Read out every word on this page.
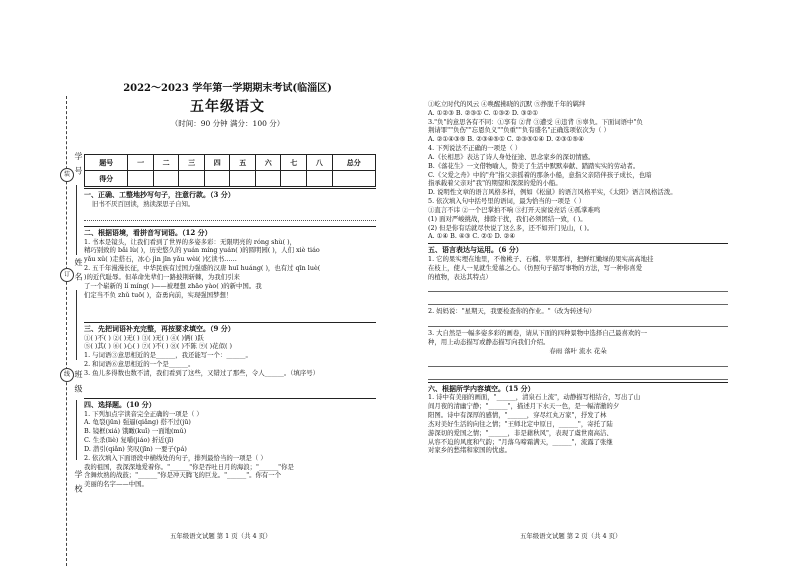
学 号
姓 名
班 级
学 校
装
订
线
2022～2023 学年第一学期期末考试(临淄区)
五年级语文
（时间：90 分钟 满分：100 分）
题号	一	二	三	四	五	六	七	八	总分
得分									
一、正确、工整地抄写句子，注意行款。（3 分）

旧书不厌百回读，熟读深思子自知。

二、根据语境，看拼音写词语。（12 分）

1. 书本是镜头，让我们看到了世界的多姿多彩：无限明亮的 róng shù( )，

精巧别致的 bǎi lù( )，历史悠久的 yuán míng yuán( )的圆明园( )，人们 xiè tiáo

yǎu xǔ( )走搭石，冰心 jìn jīn yǎu wèi( )忆读书……

2. 五千年漫漫长征，中华民族有过国力强盛的汉唐 huī huáng( )，也有过 qīn luè(

)的近代耻辱。但革命先辈们一路披荆斩棘，为我们引来

了一个崭新的 lí míng( )——被理想 zhāo yào( )的新中国。我

们定当不负 zhǔ tuō( )，奋勇向前，实现强国梦想！

三、先把词语补充完整，再按要求填空。（9 分）

①( )不( ) ②( )无( ) ③( )无( ) ④( )俩( )跃

⑤( )其( ) ⑥( )心( ) ⑦( )不( ) ⑧( )不陈 ⑨( )花似( )

1. 与词语③意思相近的是______，我还能写一个：______。

2. 和词语⑥意思相近的一个是______。

3. 鱼儿多得数也数不清，我们看到了这些，又错过了那些，令人______。（填序号）

四、选择题。（10 分）

1. 下列加点字读音完全正确的一项是（ ）

A. 龟裂(jūn) 强逼(qiǎng) 搭不过(jū)

B. 镜框(xiá) 饿瞰(kuǐ) 一面地(mǔ)

C. 生杀(liè) 复嚼(jiáo) 折近(jī)

D. 潜引(qiǎn) 笑叹(jīn) 一要子(pá)

2. 依次填入下面语段中横线处的句子，排列最恰当的一项是（ ）

我的祖国，我深深地爱着你。"______"你是吞吐日月的海浪；"______"你是

含舞炊熟的战鼓；"______"你是冲天腾飞的巨龙。"______"。你有一个

美丽的名字——中国。

五年级语文试题 第 1 页（共 4 页）

①屹立时代的风云 ④唤醒拂晓的沉默 ⑤挣脱千年的羁绊

A. ①②③ B. ②③① C. ①③② D. ③②①

3."负"的意思各有不同：①享有 ②背 ③遭受 ④违背 ⑤辜负。下面词语中"负

荆请罪""负伤""忘恩负义""负重""负有盛名"正确选项依次为（ ）

A. ②①④③⑤ B. ②③④⑤① C. ②③⑤①④ D. ②③①⑤④

4. 下列说法不正确的一项是（ ）

A.《长相思》表达了诗人身处征途、思念家乡的深切情感。

B.《落花生》一文借物喻人，赞美了生活中默默奉献、踏踏实实的劳动者。

C.《父爱之舟》中的"舟"指父亲摇着的那条小船，意指父亲陪伴孩子成长，也暗

指承载着父亲对"我"的期望和深深的爱的小船。

D. 说明性文章的语言风格多样，例如《松鼠》的语言风格平实，《太阳》语言风格活泼。

5. 依次填入句中括号里的语词，最为恰当的一项是（ ）

①直言不讳 ②一个巴掌拍不响 ③打开天窗说亮话 ④孤掌难鸣

(1) 面对严峻挑战，排除干扰，我们必须团结一致，( )。

(2) 但是你有话就尽快说了这么多，还不如开门见山，( )。

A. ①④ B. ④③ C. ②① D. ②④

五、语言表达与运用。（6 分）

1. 它的果实埋在地里，不像桃子、石榴、苹果那样，把鲜红嫩绿的果实高高地挂

在枝上，使人一见就生爱慕之心。（仿照句子描写事物的方法，写一种你喜爱

的植物，表达其特点）

2. 妈妈说："星期天，我要检查你的作业。"（改为转述句）

3. 大自然是一幅多姿多彩的画卷，请从下面的四种景物中选择自己最喜欢的一

种，用上动态描写或静态描写向我们介绍。

春雨 落叶 流水 花朵

六、根据所学内容填空。（15 分）

1. 诗中有美丽的画面，"______，清泉石上流"，动静描写相结合，写出了山

间月夜的清幽宁静；"______"，描述月下水天一色，是一幅清澈的夕

阳图。诗中有深厚的感情，"______，穿尽红丸万家"，抒发了林

杰对美好生活的向往之情；"王师北定中原日，______"，寄托了陆

游深切的爱国之情；"______，非是藉秋风"，表现了虞世南高洁、

从容不迫的风度和气韵；"月落乌啼霜满天，______"，流露了张继

对家乡的愁绪和家国的忧虑。

五年级语文试题 第 2 页（共 4 页）
